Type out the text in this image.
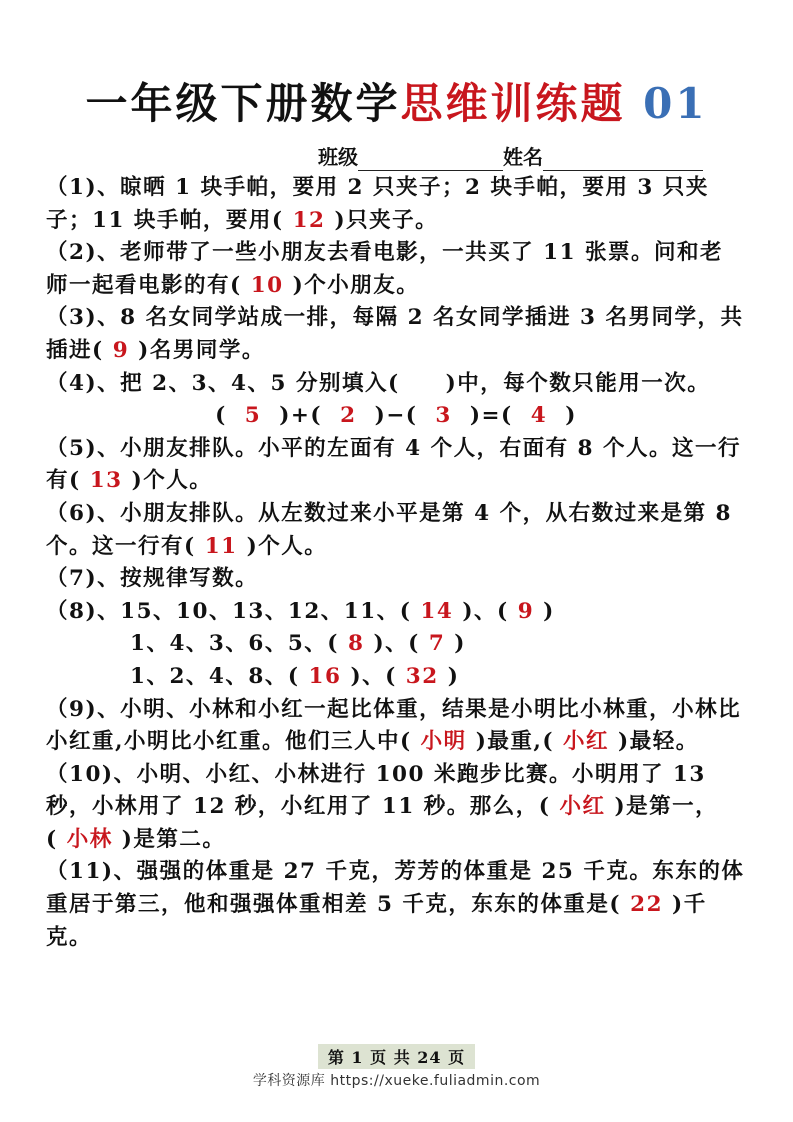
一年级下册数学思维训练题 01
班级	姓名

（1)、晾晒 1 块手帕，要用 2 只夹子；2 块手帕，要用 3 只夹子；11 块手帕，要用( 12 )只夹子。

（2)、老师带了一些小朋友去看电影，一共买了 11 张票。问和老师一起看电影的有( 10 )个小朋友。

（3)、8 名女同学站成一排，每隔 2 名女同学插进 3 名男同学，共插进( 9 )名男同学。

（4)、把 2、3、4、5 分别填入(　　)中，每个数只能用一次。

( 5 )+( 2 )−( 3 )=( 4 )

（5)、小朋友排队。小平的左面有 4 个人，右面有 8 个人。这一行有( 13 )个人。

（6)、小朋友排队。从左数过来小平是第 4 个，从右数过来是第 8 个。这一行有( 11 )个人。

（7)、按规律写数。

（8)、15、10、13、12、11、( 14 )、( 9 )

1、4、3、6、5、( 8 )、( 7 )

1、2、4、8、( 16 )、( 32 )

（9)、小明、小林和小红一起比体重，结果是小明比小林重，小林比小红重,小明比小红重。他们三人中( 小明 )最重,( 小红 )最轻。

（10)、小明、小红、小林进行 100 米跑步比赛。小明用了 13 秒，小林用了 12 秒，小红用了 11 秒。那么，( 小红 )是第一，( 小林 )是第二。

（11)、强强的体重是 27 千克，芳芳的体重是 25 千克。东东的体重居于第三，他和强强体重相差 5 千克，东东的体重是( 22 )千克。

第 1 页 共 24 页
学科资源库 https://xueke.fuliadmin.com
